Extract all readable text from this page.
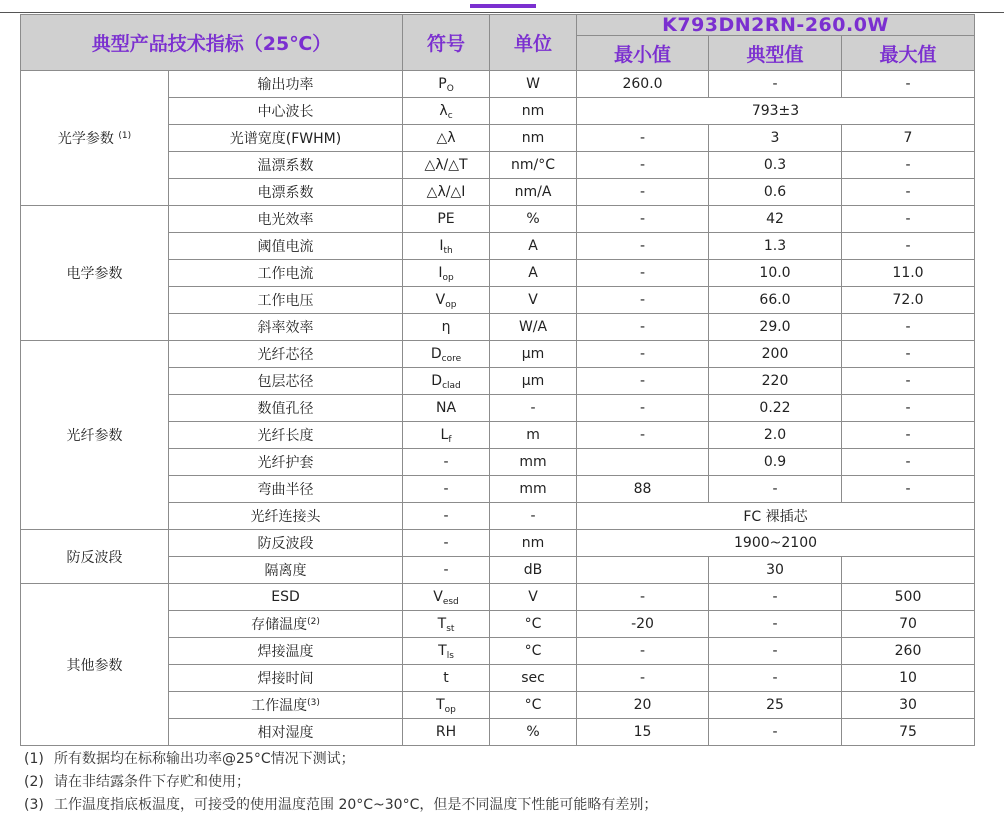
典型产品技术指标（25℃）		符号	单位	K793DN2RN-260.0W		

				最小值	典型值	最大值
光学参数 $^{(1)}$	输出功率	$P_O$	W	260.0	-	-
	中心波长	$\lambda_c$	nm	793±3		
	光谱宽度(FWHM)	△λ	nm	-	3	7
	温漂系数	△λ/△T	nm/°C	-	0.3	-
	电漂系数	△λ/△I	nm/A	-	0.6	-
电学参数	电光效率	PE	%	-	42	-
	阈值电流	$I_{th}$	A	-	1.3	-
	工作电流	$I_{op}$	A	-	10.0	11.0
	工作电压	$V_{op}$	V	-	66.0	72.0
	斜率效率	η	W/A	-	29.0	-
光纤参数	光纤芯径	$D_{core}$	μm	-	200	-
	包层芯径	$D_{clad}$	μm	-	220	-
	数值孔径	NA	-	-	0.22	-
	光纤长度	$L_f$	m	-	2.0	-
	光纤护套	-	mm		0.9	-
	弯曲半径	-	mm	88	-	-
	光纤连接头	-	-	FC 裸插芯		
防反波段	防反波段	-	nm	1900~2100		
	隔离度	-	dB		30	
其他参数	ESD	$V_{esd}$	V	-	-	500
	存储温度$^{(2)}$	$T_{st}$	°C	-20	-	70
	焊接温度	$T_{ls}$	°C	-	-	260
	焊接时间	t	sec	-	-	10
	工作温度$^{(3)}$	$T_{op}$	°C	20	25	30
	相对湿度	RH	%	15	-	75
(1) 所有数据均在标称输出功率@25°C情况下测试；
(2) 请在非结露条件下存贮和使用；
(3) 工作温度指底板温度，可接受的使用温度范围 20°C~30°C，但是不同温度下性能可能略有差别；
